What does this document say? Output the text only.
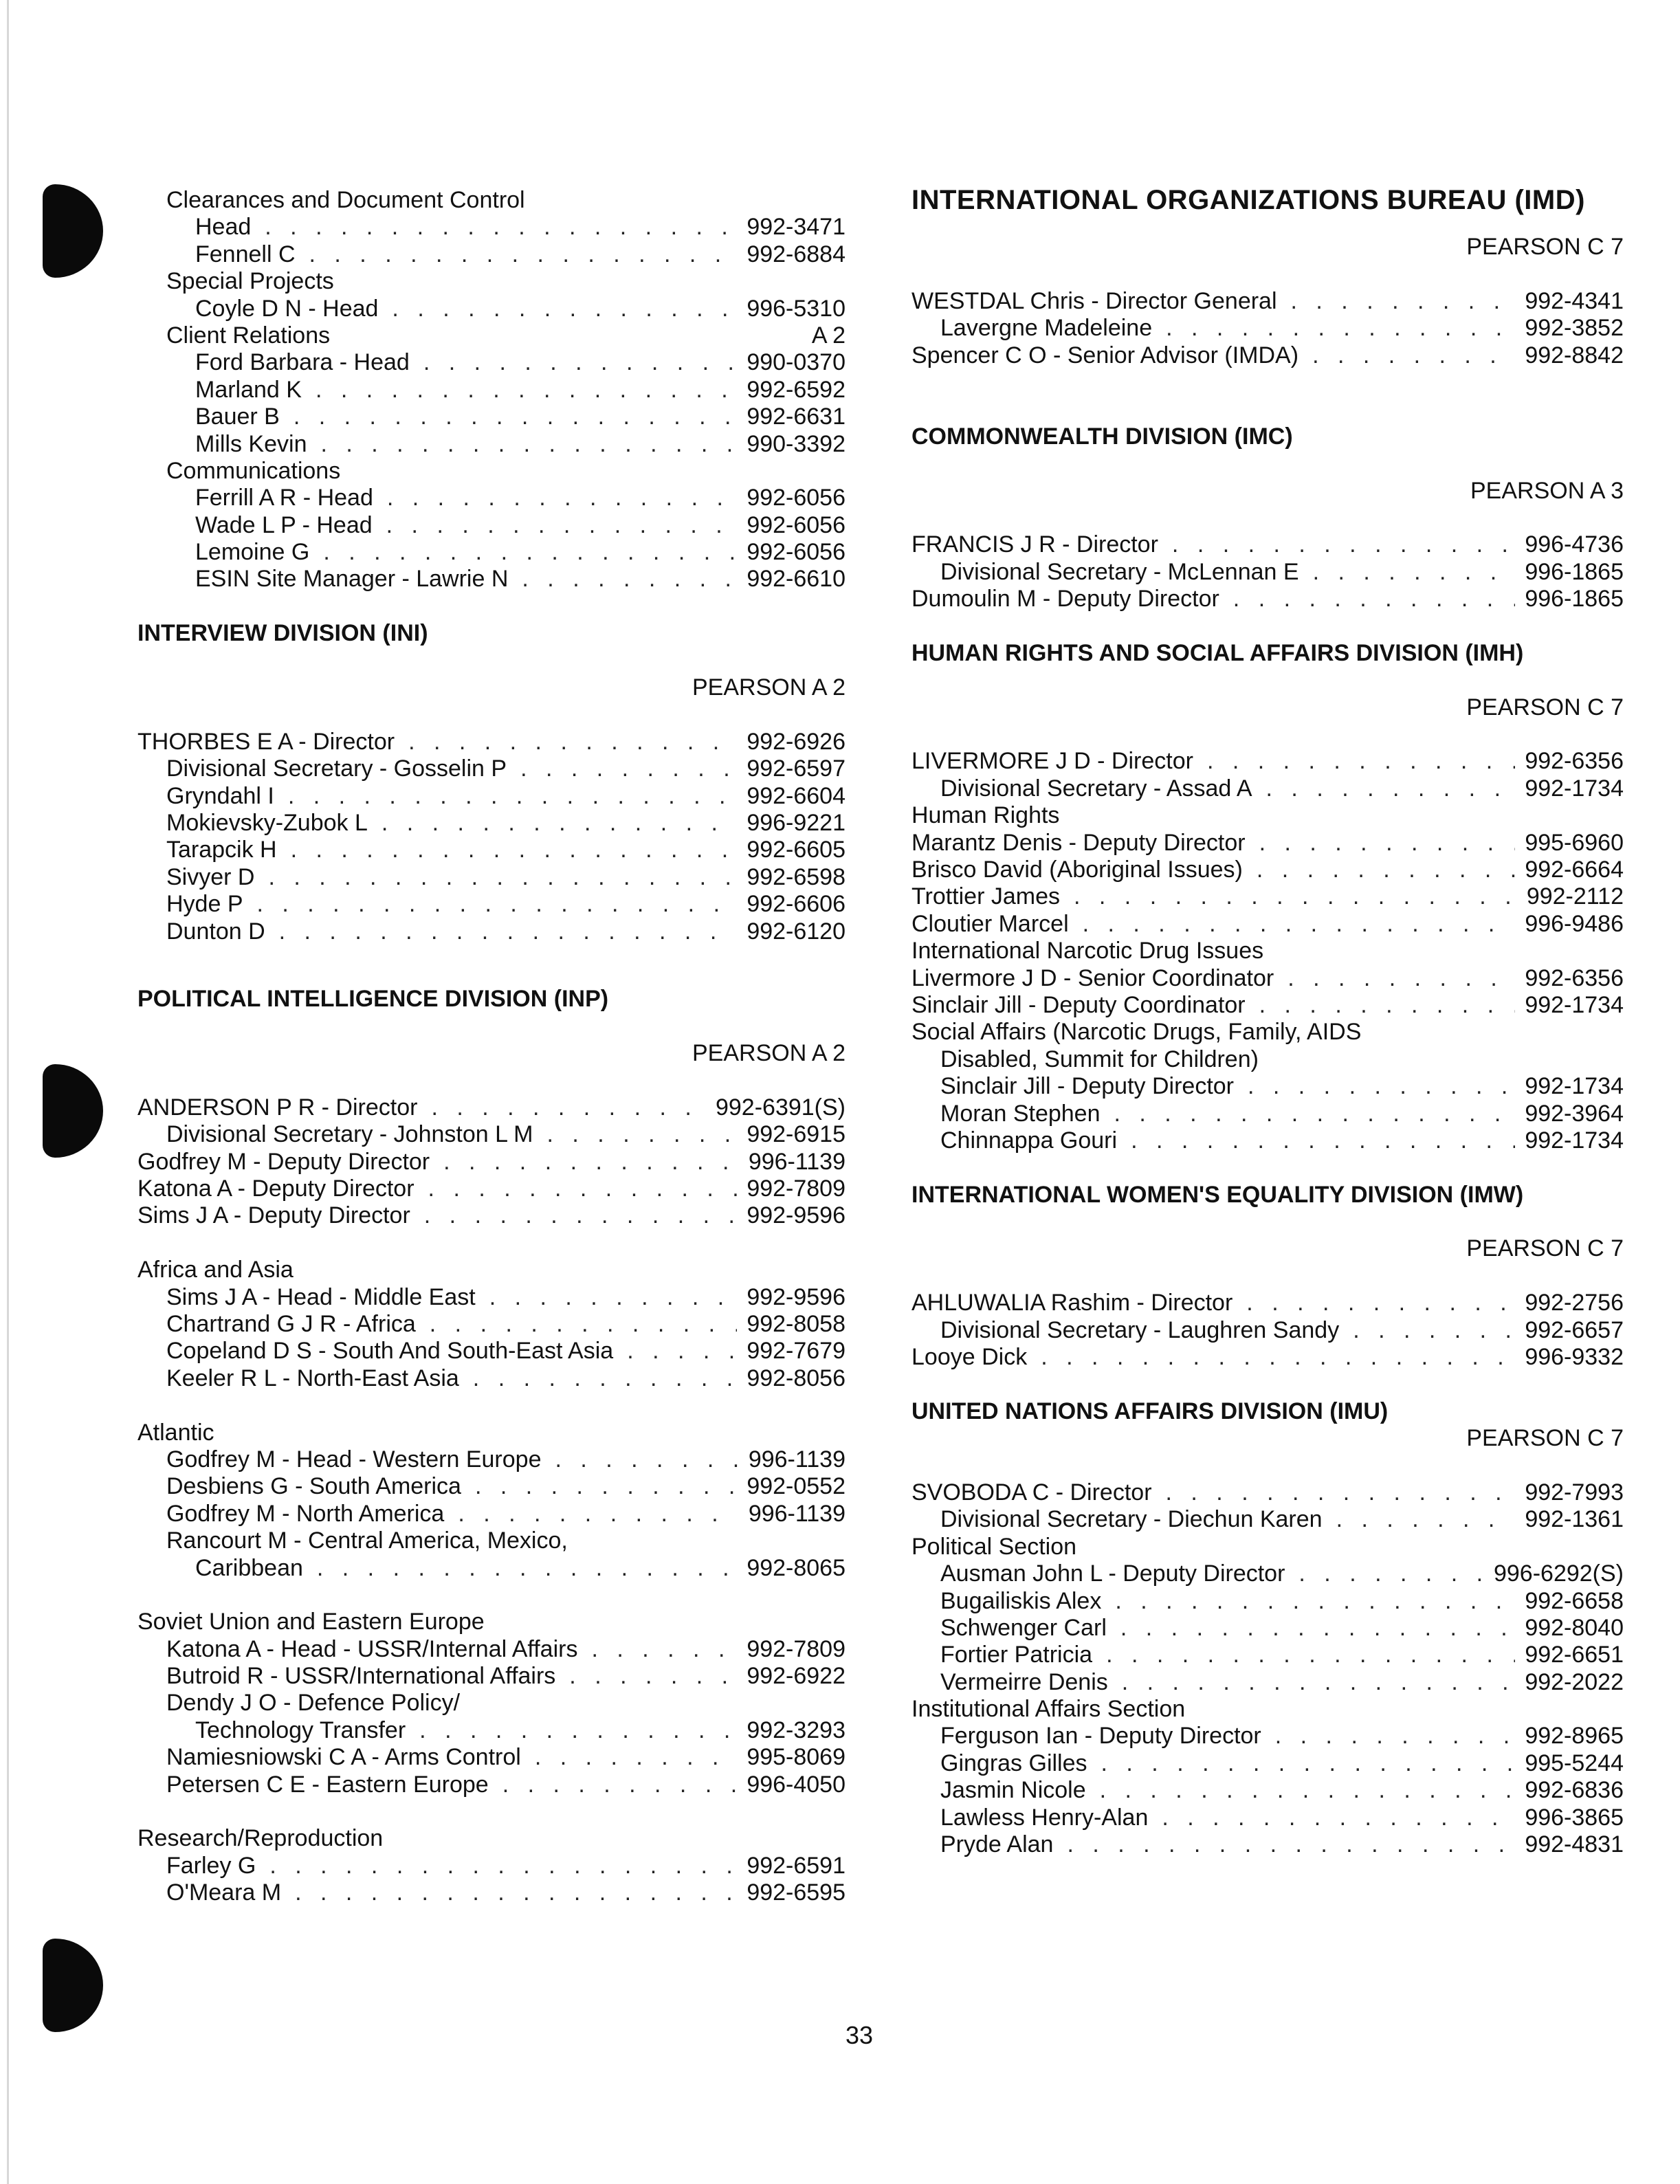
Clearances and Document Control
Head . . .	992-3471
Fennell C . . .	992-6884
Special Projects
Coyle D N - Head . . .	996-5310
Client Relations	A 2
Ford Barbara - Head . . .	990-0370
Marland K . . .	992-6592
Bauer B . . .	992-6631
Mills Kevin . . .	990-3392
Communications
Ferrill A R - Head . . .	992-6056
Wade L P - Head . . .	992-6056
Lemoine G . . .	992-6056
ESIN Site Manager - Lawrie N . . .	992-6610
INTERVIEW DIVISION (INI)
PEARSON A 2
THORBES E A - Director . . .	992-6926
Divisional Secretary - Gosselin P . . .	992-6597
Gryndahl I . . .	992-6604
Mokievsky-Zubok L . . .	996-9221
Tarapcik H . . .	992-6605
Sivyer D . . .	992-6598
Hyde P . . .	992-6606
Dunton D . . .	992-6120
POLITICAL INTELLIGENCE DIVISION (INP)
PEARSON A 2
ANDERSON P R - Director . . .	992-6391(S)
Divisional Secretary - Johnston L M . . .	992-6915
Godfrey M - Deputy Director . . .	996-1139
Katona A - Deputy Director . . .	992-7809
Sims J A - Deputy Director . . .	992-9596
Africa and Asia
Sims J A - Head - Middle East . . .	992-9596
Chartrand G J R - Africa . . .	992-8058
Copeland D S - South And South-East Asia . . .	992-7679
Keeler R L - North-East Asia . . .	992-8056
Atlantic
Godfrey M - Head - Western Europe . . .	996-1139
Desbiens G - South America . . .	992-0552
Godfrey M - North America . . .	996-1139
Rancourt M - Central America, Mexico,
Caribbean . . .	992-8065
Soviet Union and Eastern Europe
Katona A - Head - USSR/Internal Affairs . . .	992-7809
Butroid R - USSR/International Affairs . . .	992-6922
Dendy J O - Defence Policy/
Technology Transfer . . .	992-3293
Namiesniowski C A - Arms Control . . .	995-8069
Petersen C E - Eastern Europe . . .	996-4050
Research/Reproduction
Farley G . . .	992-6591
O'Meara M . . .	992-6595
INTERNATIONAL ORGANIZATIONS BUREAU (IMD)
PEARSON C 7
WESTDAL Chris - Director General . . .	992-4341
Lavergne Madeleine . . .	992-3852
Spencer C O - Senior Advisor (IMDA) . . .	992-8842
COMMONWEALTH DIVISION (IMC)
PEARSON A 3
FRANCIS J R - Director . . .	996-4736
Divisional Secretary - McLennan E . . .	996-1865
Dumoulin M - Deputy Director . . .	996-1865
HUMAN RIGHTS AND SOCIAL AFFAIRS DIVISION (IMH)
PEARSON C 7
LIVERMORE J D - Director . . .	992-6356
Divisional Secretary - Assad A . . .	992-1734
Human Rights
Marantz Denis - Deputy Director . . .	995-6960
Brisco David (Aboriginal Issues) . . .	992-6664
Trottier James . . .	992-2112
Cloutier Marcel . . .	996-9486
International Narcotic Drug Issues
Livermore J D - Senior Coordinator . . .	992-6356
Sinclair Jill - Deputy Coordinator . . .	992-1734
Social Affairs (Narcotic Drugs, Family, AIDS
Disabled, Summit for Children)
Sinclair Jill - Deputy Director . . .	992-1734
Moran Stephen . . .	992-3964
Chinnappa Gouri . . .	992-1734
INTERNATIONAL WOMEN'S EQUALITY DIVISION (IMW)
PEARSON C 7
AHLUWALIA Rashim - Director . . .	992-2756
Divisional Secretary - Laughren Sandy . . .	992-6657
Looye Dick . . .	996-9332
UNITED NATIONS AFFAIRS DIVISION (IMU)
PEARSON C 7
SVOBODA C - Director . . .	992-7993
Divisional Secretary - Diechun Karen . . .	992-1361
Political Section
Ausman John L - Deputy Director . . .	996-6292(S)
Bugailiskis Alex . . .	992-6658
Schwenger Carl . . .	992-8040
Fortier Patricia . . .	992-6651
Vermeirre Denis . . .	992-2022
Institutional Affairs Section
Ferguson Ian - Deputy Director . . .	992-8965
Gingras Gilles . . .	995-5244
Jasmin Nicole . . .	992-6836
Lawless Henry-Alan . . .	996-3865
Pryde Alan . . .	992-4831
33
